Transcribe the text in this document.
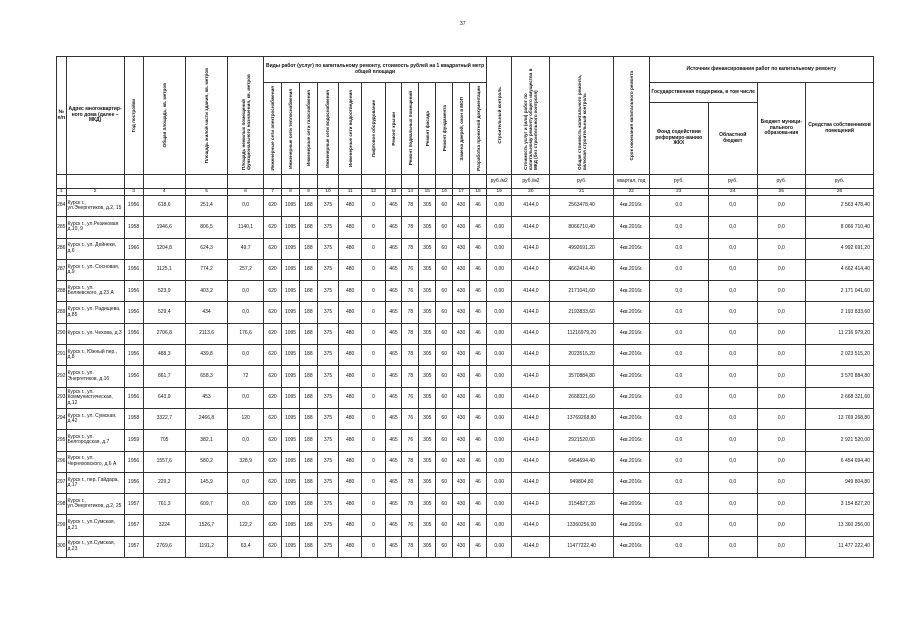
37
№ п/п	Адрес многоквартир-ного дома (далее – МКД)	Год постройки	Общая площадь, кв. метров	Площадь жилой части здания, кв. метров	Площадь нежилых помещений функционального назначения, кв. метров	Виды работ (услуг) по капитальному ремонту, стоимость рублей на 1 квадратный метр общей площади												Строительный контроль	Стоимость услуг и (или) работ по капитальному ремонту общего имущества в МКД (без строительного контроля)	Общая стоимость капитального ремонта, включая строительный контроль	Срок окончания капитального ремонта	Источник финансирования работ по капитальному ремонту			

						Инженерные сети электроснабжения	Инженерные сети теплоснабжения	Инженерные сети газоснабжения	Инженерные сети водоснабжения	Инженерные сети водоотведения	Лифтовое оборудование	Ремонт крыши	Ремонт подвальных помещений	Ремонт фасада	Ремонт фундамента	Замена дверей, окон в МОП	Разработка проектной документации					Государственная поддержка, в том числе		Бюджет муници-пального образова-ния	Средства собственников помещений
																						Фонд содействия реформиро-ванию ЖКХ	Областной бюджет		
																		руб./м2	руб./м2	руб.	квартал, год	руб.	руб.	руб.	руб.
1	2	3	4	5	6	7	8	9	10	11	12	13	14	15	16	17	18	19	20	21	22	23	24	25	26
284	Курск г., ул.Энергетиков, д.2, 15	1956	618,6	251,4	0,0	620	1095	188	375	480	0	465	78	305	60	430	46	0,00	4144,0	2563478,40	4кв.2016г.	0,0	0,0	0,0	2 563 478,40
285	Курск г., ул.Резиновая д.10, 9	1958	1946,6	806,5	1140,1	620	1095	188	375	480	0	465	78	305	60	430	46	0,00	4144,0	8066710,40	4кв.2016г.	0,0	0,0	0,0	8 066 710,40
286	Курск г., ул. Дейнеки, д.6	1966	1204,8	624,3	49,7	620	1095	188	375	480	0	465	78	305	60	430	46	0,00	4144,0	4992691,20	4кв.2016г.	0,0	0,0	0,0	4 992 691,20
287	Курск г., ул. Сосновая, д.9	1956	1125,1	774,2	257,2	620	1095	188	375	480	0	465	76	305	60	430	46	0,00	4144,0	4662414,40	4кв.2016г.	0,0	0,0	0,0	4 662 414,40
288	Курск г., ул. Беляевского, д.23 А	1956	523,9	403,2	0,0	620	1095	188	375	480	0	465	76	305	60	430	46	0,00	4144,0	2171041,60	4кв.2016г.	0,0	0,0	0,0	2 171 041,60
289	Курск г., ул. Радищева, д.85	1956	529,4	434	0,0	620	1095	188	375	480	0	465	78	305	60	430	46	0,00	4144,0	2193833,60	4кв.2016г.	0,0	0,0	0,0	2 193 833,60
290	Курск г., ул. Чехова, д.3	1956	2706,8	2113,6	176,6	620	1095	188	375	480	0	465	78	305	60	430	46	0,00	4144,0	11216979,20	4кв.2016г.	0,0	0,0	0,0	11 216 979,20
291	Курск г., Южный пер., д.8	1956	488,3	439,8	0,0	620	1095	188	375	480	0	465	78	305	60	430	46	0,00	4144,0	2023515,20	4кв.2016г.	0,0	0,0	0,0	2 023 515,20
292	Курск г., ул. Энергетиков, д.16	1956	861,7	658,3	72	620	1095	188	375	480	0	465	78	305	60	430	46	0,00	4144,0	3570884,80	4кв.2016г.	0,0	0,0	0,0	3 570 884,80
293	Курск г., ул. Коммунистическая, д.12	1956	643,9	453	0,0	620	1095	188	375	480	0	465	76	305	60	430	46	0,00	4144,0	2668321,60	4кв.2016г.	0,0	0,0	0,0	2 668 321,60
294	Курск г., ул. Сумская, д.42	1958	3322,7	2466,8	120	620	1095	188	375	480	0	465	76	305	60	430	46	0,00	4144,0	13769268,80	4кв.2016г.	0,0	0,0	0,0	13 769 268,80
295	Курск г., ул. Белгородская, д.7	1959	705	382,1	0,0	620	1095	188	375	480	0	465	76	305	60	430	46	0,00	4144,0	2921520,00	4кв.2016г.	0,0	0,0	0,0	2 921 520,00
296	Курск г., ул. Черняховского, д.6 А	1956	1557,6	580,2	328,9	620	1095	188	375	480	0	465	78	305	60	430	46	0,00	4144,0	6454694,40	4кв.2016г.	0,0	0,0	0,0	6 454 694,40
297	Курск г., пер. Гайдара, д.17	1956	229,2	145,9	0,0	620	1095	188	375	480	0	465	78	305	60	430	46	0,00	4144,0	949804,80	4кв.2016г.	0,0	0,0	0,0	949 804,80
298	Курск г., ул.Энергетиков, д.2, 25	1957	761,3	609,7	0,0	620	1095	188	375	480	0	465	78	305	60	430	46	0,00	4144,0	3154827,20	4кв.2016г.	0,0	0,0	0,0	3 154 827,20
299	Курск г., ул.Сумская, д.21	1957	3224	1526,7	122,2	620	1095	188	375	480	0	465	76	305	60	430	46	0,00	4144,0	13360256,00	4кв.2016г.	0,0	0,0	0,0	13 360 256,00
300	Курск г., ул.Сумская, д.23	1957	2769,6	1191,2	63,4	620	1095	188	375	480	0	465	78	305	60	430	46	0,00	4144,0	11477222,40	4кв.2016г.	0,0	0,0	0,0	11 477 222,40
